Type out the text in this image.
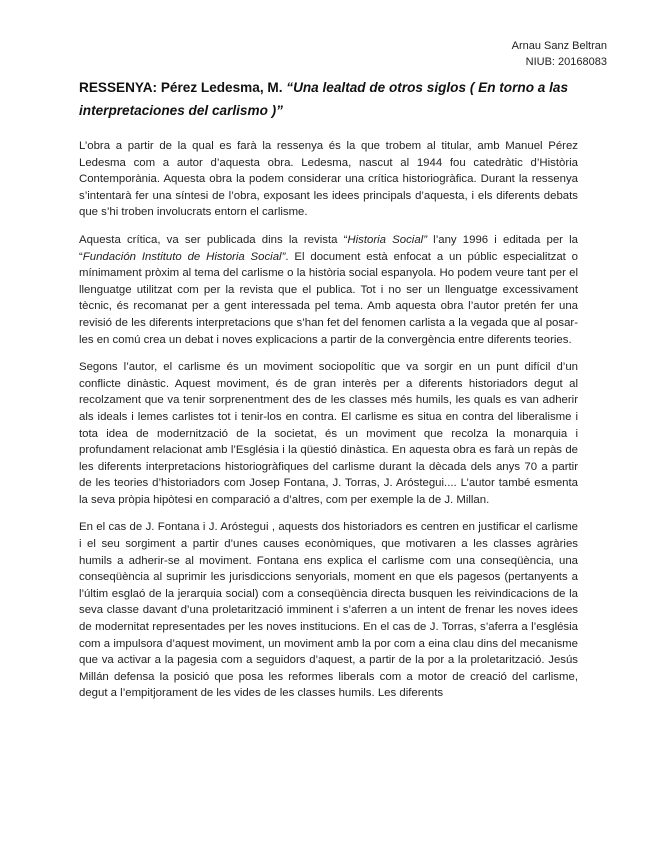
Arnau Sanz Beltran
NIUB: 20168083
RESSENYA: Pérez Ledesma, M. “Una lealtad de otros siglos ( En torno a las interpretaciones del carlismo )”

L’obra a partir de la qual es farà la ressenya és la que trobem al titular, amb Manuel Pérez Ledesma com a autor d’aquesta obra. Ledesma, nascut al 1944 fou catedràtic d’Història Contemporània. Aquesta obra la podem considerar una crítica historiogràfica. Durant la ressenya s’intentarà fer una síntesi de l’obra, exposant les idees principals d’aquesta, i els diferents debats que s’hi troben involucrats entorn el carlisme.

Aquesta crítica, va ser publicada dins la revista “Historia Social” l’any 1996 i editada per la “Fundación Instituto de Historia Social”. El document està enfocat a un públic especialitzat o mínimament pròxim al tema del carlisme o la història social espanyola. Ho podem veure tant per el llenguatge utilitzat com per la revista que el publica. Tot i no ser un llenguatge excessivament tècnic, és recomanat per a gent interessada pel tema. Amb aquesta obra l’autor pretén fer una revisió de les diferents interpretacions que s’han fet del fenomen carlista a la vegada que al posar-les en comú crea un debat i noves explicacions a partir de la convergència entre diferents teories.

Segons l’autor, el carlisme és un moviment sociopolític que va sorgir en un punt difícil d’un conflicte dinàstic. Aquest moviment, és de gran interès per a diferents historiadors degut al recolzament que va tenir sorprenentment des de les classes més humils, les quals es van adherir als ideals i lemes carlistes tot i tenir-los en contra. El carlisme es situa en contra del liberalisme i tota idea de modernització de la societat, és un moviment que recolza la monarquia i profundament relacionat amb l’Església i la qüestió dinàstica. En aquesta obra es farà un repàs de les diferents interpretacions historiogràfiques del carlisme durant la dècada dels anys 70 a partir de les teories d’historiadors com Josep Fontana, J. Torras, J. Aróstegui.... L’autor també esmenta la seva pròpia hipòtesi en comparació a d’altres, com per exemple la de J. Millan.

En el cas de J. Fontana i J. Aróstegui , aquests dos historiadors es centren en justificar el carlisme i el seu sorgiment a partir d’unes causes econòmiques, que motivaren a les classes agràries humils a adherir-se al moviment. Fontana ens explica el carlisme com una conseqüència, una conseqüència al suprimir les jurisdiccions senyorials, moment en que els pagesos (pertanyents a l’últim esglaó de la jerarquia social) com a conseqüència directa busquen les reivindicacions de la seva classe davant d’una proletarització imminent i s’aferren a un intent de frenar les noves idees de modernitat representades per les noves institucions. En el cas de J. Torras, s’aferra a l’església com a impulsora d’aquest moviment, un moviment amb la por com a eina clau dins del mecanisme que va activar a la pagesia com a seguidors d’aquest, a partir de la por a la proletarització. Jesús Millán defensa la posició que posa les reformes liberals com a motor de creació del carlisme, degut a l’empitjorament de les vides de les classes humils. Les diferents
